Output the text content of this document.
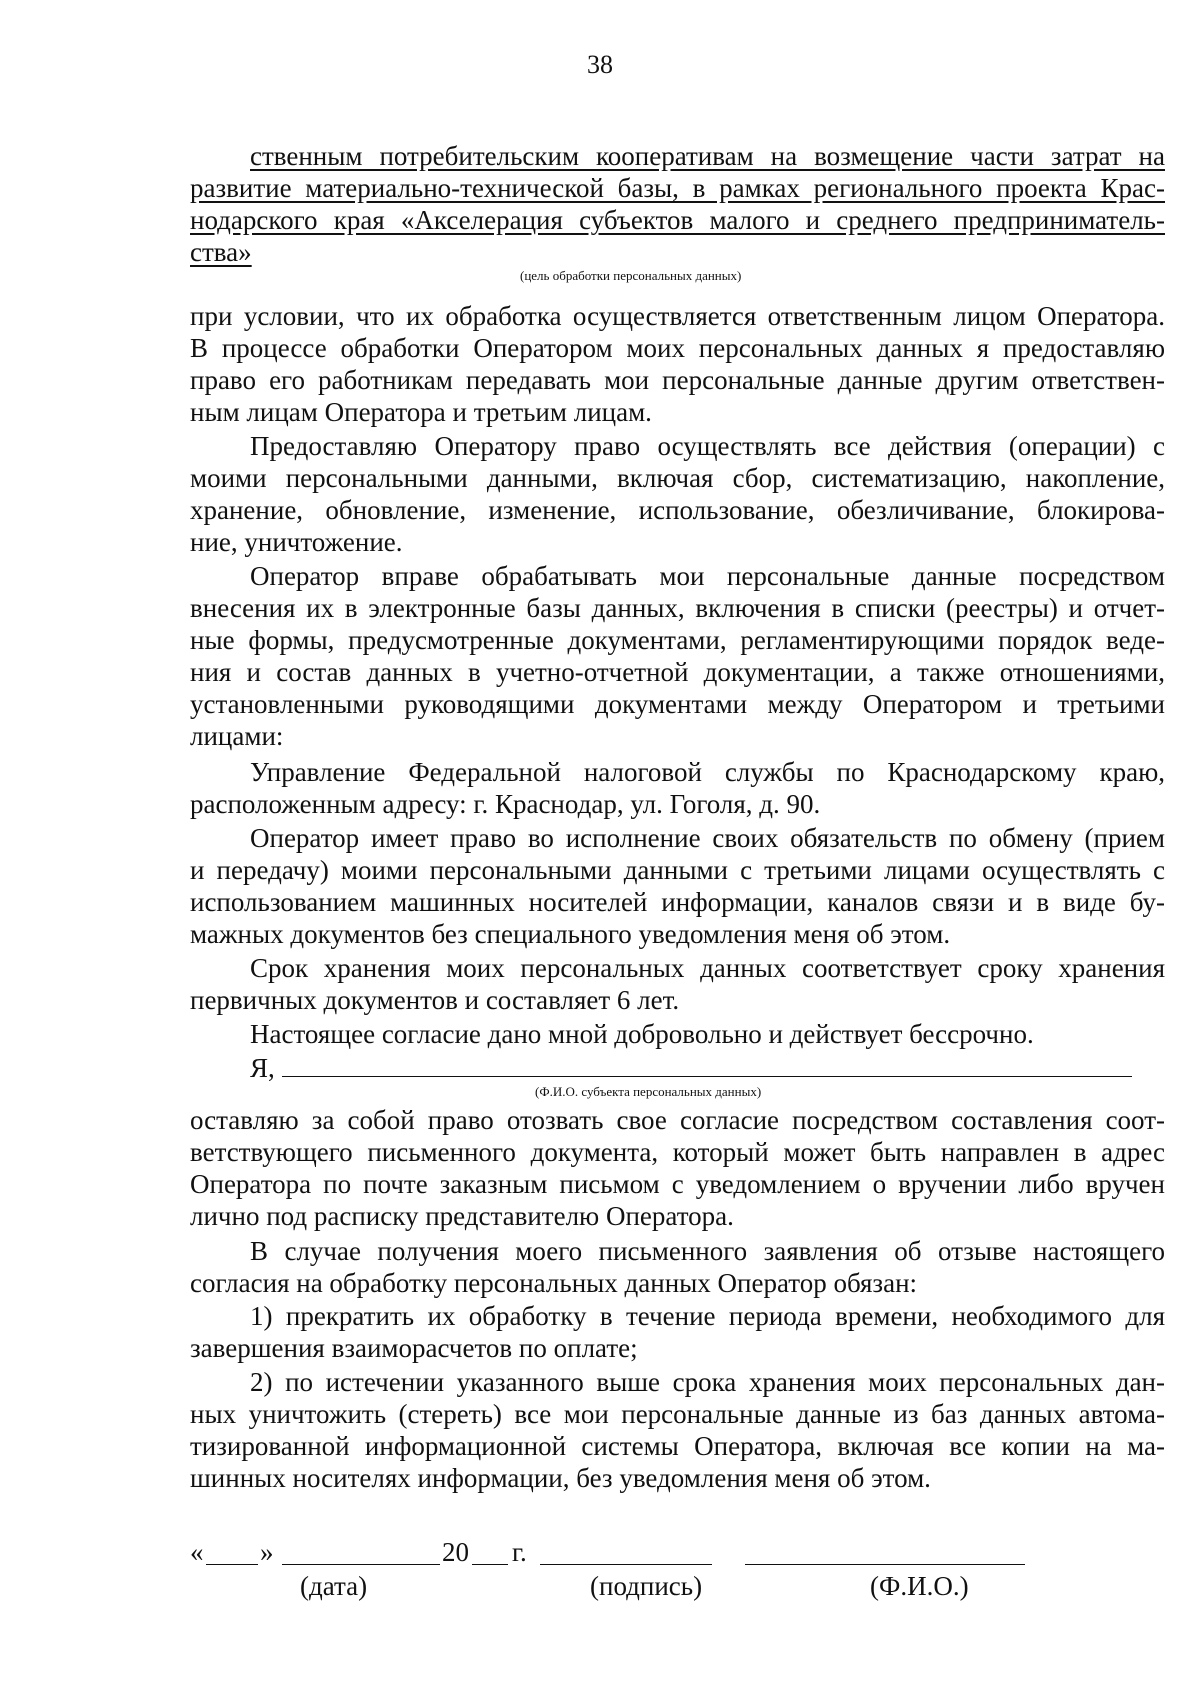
38
ственным потребительским кооперативам на возмещение части затрат на
развитие материально-технической базы, в рамках регионального проекта Крас-
нодарского края «Акселерация субъектов малого и среднего предприниматель-
ства»
(цель обработки персональных данных)
при условии, что их обработка осуществляется ответственным лицом Оператора.
В процессе обработки Оператором моих персональных данных я предоставляю
право его работникам передавать мои персональные данные другим ответствен-
ным лицам Оператора и третьим лицам.
Предоставляю Оператору право осуществлять все действия (операции) с
моими персональными данными, включая сбор, систематизацию, накопление,
хранение, обновление, изменение, использование, обезличивание, блокирова-
ние, уничтожение.
Оператор вправе обрабатывать мои персональные данные посредством
внесения их в электронные базы данных, включения в списки (реестры) и отчет-
ные формы, предусмотренные документами, регламентирующими порядок веде-
ния и состав данных в учетно-отчетной документации, а также отношениями,
установленными руководящими документами между Оператором и третьими
лицами:
Управление Федеральной налоговой службы по Краснодарскому краю,
расположенным адресу: г. Краснодар, ул. Гоголя, д. 90.
Оператор имеет право во исполнение своих обязательств по обмену (прием
и передачу) моими персональными данными с третьими лицами осуществлять с
использованием машинных носителей информации, каналов связи и в виде бу-
мажных документов без специального уведомления меня об этом.
Срок хранения моих персональных данных соответствует сроку хранения
первичных документов и составляет 6 лет.
Настоящее согласие дано мной добровольно и действует бессрочно.
Я,
(Ф.И.О. субъекта персональных данных)
оставляю за собой право отозвать свое согласие посредством составления соот-
ветствующего письменного документа, который может быть направлен в адрес
Оператора по почте заказным письмом с уведомлением о вручении либо вручен
лично под расписку представителю Оператора.
В случае получения моего письменного заявления об отзыве настоящего
согласия на обработку персональных данных Оператор обязан:
1) прекратить их обработку в течение периода времени, необходимого для
завершения взаиморасчетов по оплате;
2) по истечении указанного выше срока хранения моих персональных дан-
ных уничтожить (стереть) все мои персональные данные из баз данных автома-
тизированной информационной системы Оператора, включая все копии на ма-
шинных носителях информации, без уведомления меня об этом.
« »	20 г.
(дата)	(подпись)	(Ф.И.О.)
